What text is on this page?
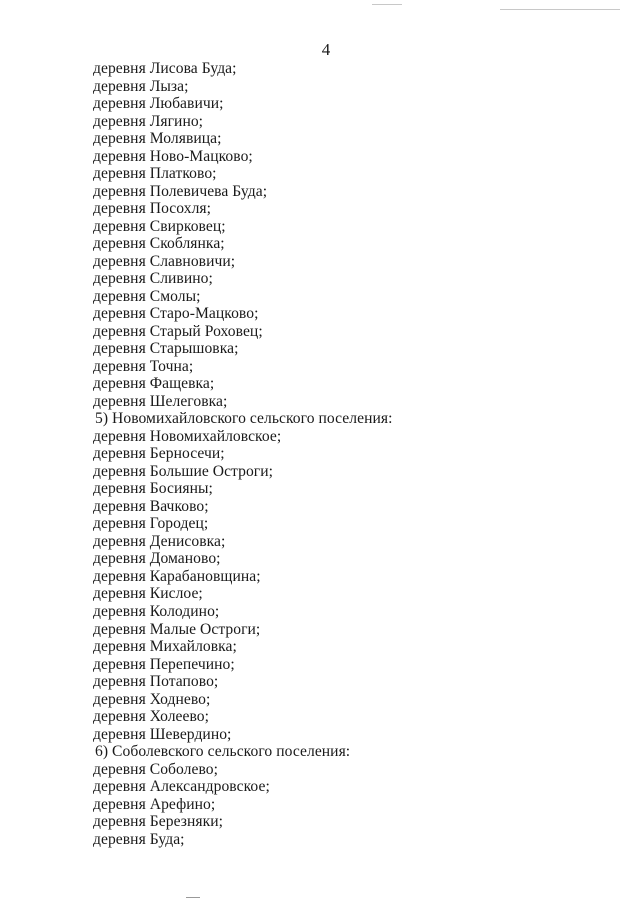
4
деревня Лисова Буда;
деревня Лыза;
деревня Любавичи;
деревня Лягино;
деревня Молявица;
деревня Ново-Мацково;
деревня Платково;
деревня Полевичева Буда;
деревня Посохля;
деревня Свирковец;
деревня Скоблянка;
деревня Славновичи;
деревня Сливино;
деревня Смолы;
деревня Старо-Мацково;
деревня Старый Роховец;
деревня Старышовка;
деревня Точна;
деревня Фащевка;
деревня Шелеговка;
5) Новомихайловского сельского поселения:
деревня Новомихайловское;
деревня Берносечи;
деревня Большие Остроги;
деревня Босияны;
деревня Вачково;
деревня Городец;
деревня Денисовка;
деревня Доманово;
деревня Карабановщина;
деревня Кислое;
деревня Колодино;
деревня Малые Остроги;
деревня Михайловка;
деревня Перепечино;
деревня Потапово;
деревня Ходнево;
деревня Холеево;
деревня Шевердино;
6) Соболевского сельского поселения:
деревня Соболево;
деревня Александровское;
деревня Арефино;
деревня Березняки;
деревня Буда;
